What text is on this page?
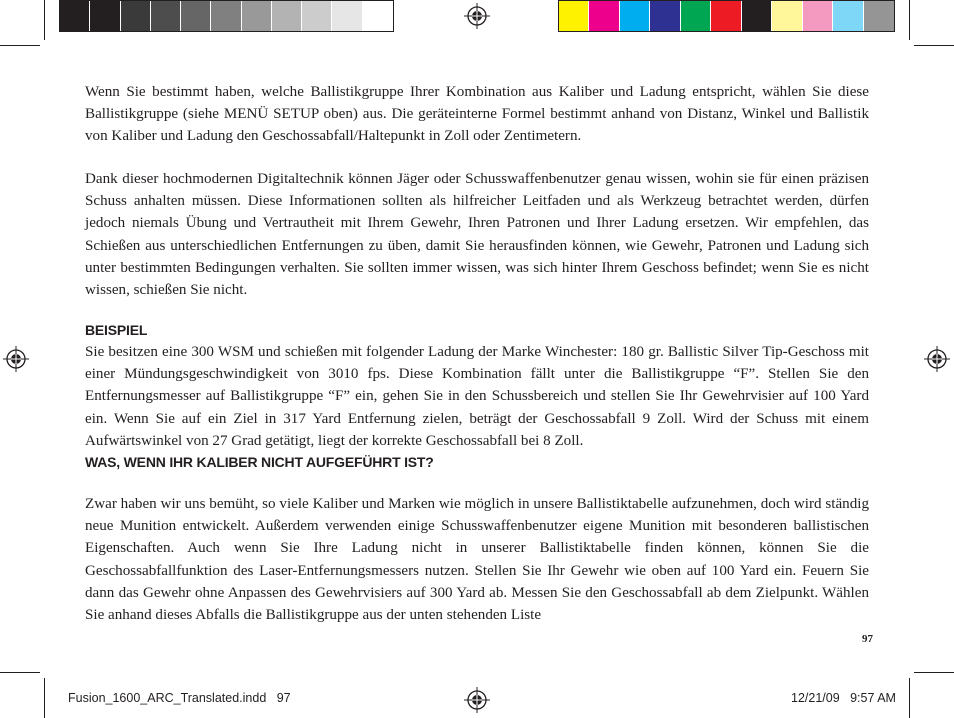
Wenn Sie bestimmt haben, welche Ballistikgruppe Ihrer Kombination aus Kaliber und Ladung entspricht, wählen Sie diese Ballistikgruppe (siehe MENÜ SETUP oben) aus. Die geräteinterne Formel bestimmt anhand von Distanz, Winkel und Ballistik von Kaliber und Ladung den Geschossabfall/Haltepunkt in Zoll oder Zentimetern.

Dank dieser hochmodernen Digitaltechnik können Jäger oder Schusswaffenbenutzer genau wissen, wohin sie für einen präzisen Schuss anhalten müssen. Diese Informationen sollten als hilfreicher Leitfaden und als Werkzeug betrachtet werden, dürfen jedoch niemals Übung und Vertrautheit mit Ihrem Gewehr, Ihren Patronen und Ihrer Ladung ersetzen. Wir empfehlen, das Schießen aus unterschiedlichen Entfernungen zu üben, damit Sie herausfinden können, wie Gewehr, Patronen und Ladung sich unter bestimmten Bedingungen verhalten. Sie sollten immer wissen, was sich hinter Ihrem Geschoss befindet; wenn Sie es nicht wissen, schießen Sie nicht.

BEISPIEL

Sie besitzen eine 300 WSM und schießen mit folgender Ladung der Marke Winchester: 180 gr. Ballistic Silver Tip-Geschoss mit einer Mündungsgeschwindigkeit von 3010 fps. Diese Kombination fällt unter die Ballistikgruppe “F”. Stellen Sie den Entfernungsmesser auf Ballistikgruppe “F” ein, gehen Sie in den Schussbereich und stellen Sie Ihr Gewehrvisier auf 100 Yard ein. Wenn Sie auf ein Ziel in 317 Yard Entfernung zielen, beträgt der Geschossabfall 9 Zoll. Wird der Schuss mit einem Aufwärtswinkel von 27 Grad getätigt, liegt der korrekte Geschossabfall bei 8 Zoll.

WAS, WENN IHR KALIBER NICHT AUFGEFÜHRT IST?

Zwar haben wir uns bemüht, so viele Kaliber und Marken wie möglich in unsere Ballistiktabelle aufzunehmen, doch wird ständig neue Munition entwickelt. Außerdem verwenden einige Schusswaffenbenutzer eigene Munition mit besonderen ballistischen Eigenschaften. Auch wenn Sie Ihre Ladung nicht in unserer Ballistiktabelle finden können, können Sie die Geschossabfallfunktion des Laser-Entfernungsmessers nutzen. Stellen Sie Ihr Gewehr wie oben auf 100 Yard ein. Feuern Sie dann das Gewehr ohne Anpassen des Gewehrvisiers auf 300 Yard ab. Messen Sie den Geschossabfall ab dem Zielpunkt. Wählen Sie anhand dieses Abfalls die Ballistikgruppe aus der unten stehenden Liste

97
Fusion_1600_ARC_Translated.indd   97	12/21/09   9:57 AM
